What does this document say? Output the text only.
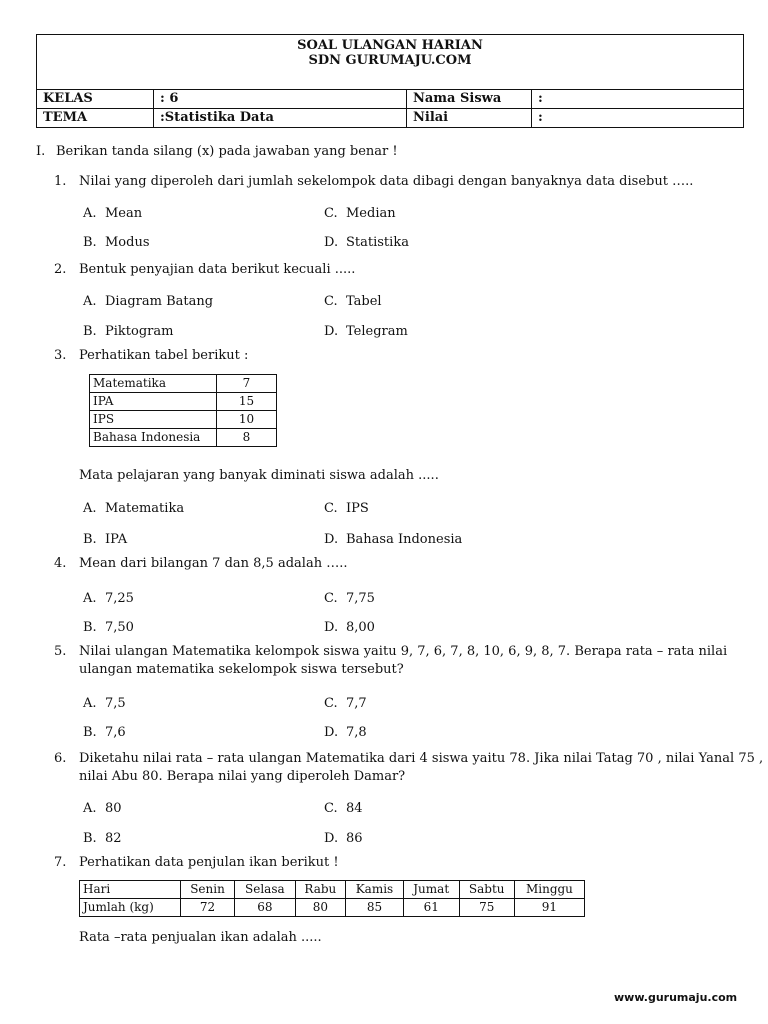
SOAL ULANGAN HARIAN
SDN GURUMAJU.COM			

KELAS	: 6	Nama Siswa	:
TEMA	:Statistika Data	Nilai	:
I. Berikan tanda silang (x) pada jawaban yang benar !
1. Nilai yang diperoleh dari jumlah sekelompok data dibagi dengan banyaknya data disebut …..
A. Mean
B. Modus
C. Median
D. Statistika
2. Bentuk penyajian data berikut kecuali .....
A. Diagram Batang
B. Piktogram
C. Tabel
D. Telegram
3. Perhatikan tabel berikut :
Matematika	7
IPA	15
IPS	10
Bahasa Indonesia	8
Mata pelajaran yang banyak diminati siswa adalah .....
A. Matematika
B. IPA
C. IPS
D. Bahasa Indonesia
4. Mean dari bilangan 7 dan 8,5 adalah …..
A. 7,25
B. 7,50
C. 7,75
D. 8,00
5. Nilai ulangan Matematika kelompok siswa yaitu 9, 7, 6, 7, 8, 10, 6, 9, 8, 7. Berapa rata – rata nilai
ulangan matematika sekelompok siswa tersebut?
A. 7,5
B. 7,6
C. 7,7
D. 7,8
6. Diketahu nilai rata – rata ulangan Matematika dari 4 siswa yaitu 78. Jika nilai Tatag 70 , nilai Yanal 75 ,
nilai Abu 80. Berapa nilai yang diperoleh Damar?
A. 80
B. 82
C. 84
D. 86
7. Perhatikan data penjulan ikan berikut !
Hari	Senin	Selasa	Rabu	Kamis	Jumat	Sabtu	Minggu
Jumlah (kg)	72	68	80	85	61	75	91
Rata –rata penjualan ikan adalah .....
www.gurumaju.com
